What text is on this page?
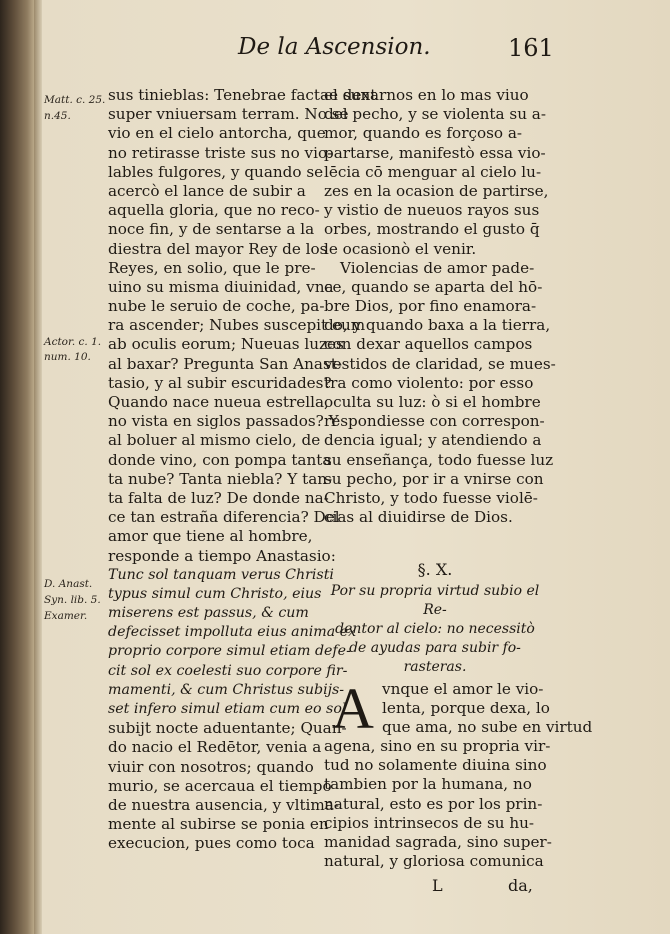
De la Ascension.	161
Matt. c. 25.
n.45.
Actor. c. 1.
num. 10.
D. Anast.
Syn. lib. 5.
Examer.
sus tinieblas: Tenebrae factae sunt
super vniuersam terram. No se
vio en el cielo antorcha, que
no retirasse triste sus no vio-
lables fulgores, y quando se
acercò el lance de subir a
aquella gloria, que no reco-
noce fin, y de sentarse a la
diestra del mayor Rey de los
Reyes, en solio, que le pre-
uino su misma diuinidad, vna
nube le seruio de coche, pa-
ra ascender; Nubes suscepit eum
ab oculis eorum; Nueuas luzes
al baxar? Pregunta San Anast-
tasio, y al subir escuridades?
Quando nace nueua estrella,
no vista en siglos passados? Y
al boluer al mismo cielo, de
donde vino, con pompa tanta
ta nube? Tanta niebla? Y tan-
ta falta de luz? De donde na-
ce tan estraña diferencia? Del
amor que tiene al hombre,
responde a tiempo Anastasio:
Tunc sol tanquam verus Christi
typus simul cum Christo, eius
miserens est passus, & cum
defecisset impolluta eius anima ex
proprio corpore simul etiam defe-
cit sol ex coelesti suo corpore fir-
mamenti, & cum Christus subijs-
set infero simul etiam cum eo sol
subijt nocte aduentante; Quan-
do nacio el Redētor, venia a
viuir con nosotros; quando
murio, se acercaua el tiempo
de nuestra ausencia, y vltima-
mente al subirse se ponia en
execucion, pues como toca
el dexarnos en lo mas viuo
del pecho, y se violenta su a-
mor, quando es forçoso a-
partarse, manifestò essa vio-
lēcia cō menguar al cielo lu-
zes en la ocasion de partirse,
y vistio de nueuos rayos sus
orbes, mostrando el gusto q̄
le ocasionò el venir.
Violencias de amor pade-
ce, quando se aparta del hō-
bre Dios, por fino enamora-
do, y quando baxa a la tierra,
con dexar aquellos campos
vestidos de claridad, se mues-
tra como violento: por esso
oculta su luz: ò si el hombre
respondiesse con correspon-
dencia igual; y atendiendo a
su enseñança, todo fuesse luz
su pecho, por ir a vnirse con
Christo, y todo fuesse violē-
cias al diuidirse de Dios.
§. X.
Por su propria virtud subio el Re-
dentor al cielo: no necessitò
de ayudas para subir fo-
rasteras.
A vnque el amor le vio-
lenta, porque dexa, lo
que ama, no sube en virtud
agena, sino en su propria vir-
tud no solamente diuina sino
tambien por la humana, no
natural, esto es por los prin-
cipios intrinsecos de su hu-
manidad sagrada, sino super-
natural, y gloriosa comunica
L	da,
